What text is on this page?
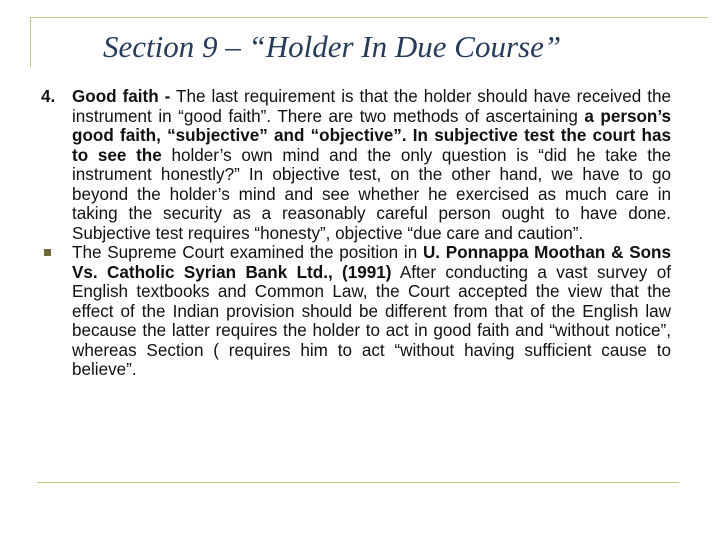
Section 9 – “Holder In Due Course”

4. Good faith - The last requirement is that the holder should have received the instrument in “good faith”. There are two methods of ascertaining a person’s good faith, “subjective” and “objective”. In subjective test the court has to see the holder’s own mind and the only question is “did he take the instrument honestly?” In objective test, on the other hand, we have to go beyond the holder’s mind and see whether he exercised as much care in taking the security as a reasonably careful person ought to have done. Subjective test requires “honesty”, objective “due care and caution”.

The Supreme Court examined the position in U. Ponnappa Moothan & Sons Vs. Catholic Syrian Bank Ltd., (1991) After conducting a vast survey of English textbooks and Common Law, the Court accepted the view that the effect of the Indian provision should be different from that of the English law because the latter requires the holder to act in good faith and “without notice”, whereas Section ( requires him to act “without having sufficient cause to believe”.
